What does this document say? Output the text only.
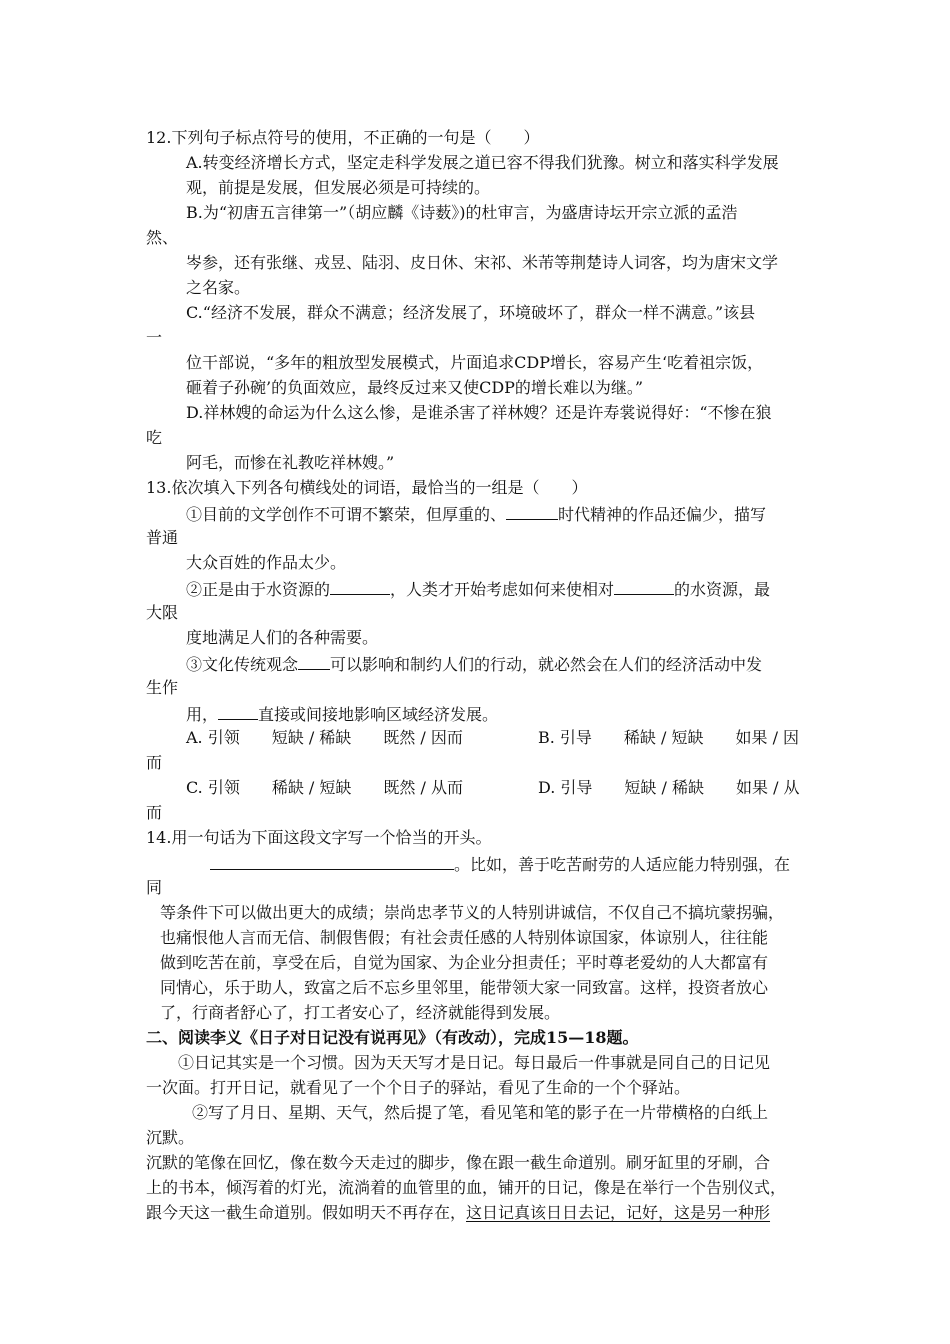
12.下列句子标点符号的使用，不正确的一句是（　　）
A.转变经济增长方式，坚定走科学发展之道已容不得我们犹豫。树立和落实科学发展
观，前提是发展，但发展必须是可持续的。
B.为“初唐五言律第一”（胡应麟《诗薮》)的杜审言，为盛唐诗坛开宗立派的孟浩
然、
岑参，还有张继、戎昱、陆羽、皮日休、宋祁、米芾等荆楚诗人词客，均为唐宋文学
之名家。
C.“经济不发展，群众不满意；经济发展了，环境破坏了，群众一样不满意。”该县
一
位干部说，“多年的粗放型发展模式，片面追求CDP增长，容易产生‘吃着祖宗饭，
砸着子孙碗’的负面效应，最终反过来又使CDP的增长难以为继。”
D.祥林嫂的命运为什么这么惨，是谁杀害了祥林嫂？还是许寿裳说得好：“不惨在狼
吃
阿毛，而惨在礼教吃祥林嫂。”
13.依次填入下列各句横线处的词语，最恰当的一组是（　　）
①目前的文学创作不可谓不繁荣，但厚重的、	时代精神的作品还偏少，描写
普通
大众百姓的作品太少。
②正是由于水资源的	，人类才开始考虑如何来使相对	的水资源，最
大限
度地满足人们的各种需要。
③文化传统观念 可以影响和制约人们的行动，就必然会在人们的经济活动中发
生作
用，	直接或间接地影响区域经济发展。
A. 引领　　短缺 / 稀缺　　既然 / 因而	B. 引导　　稀缺 / 短缺　　如果 / 因
而
C. 引领　　稀缺 / 短缺　　既然 / 从而	D. 引导　　短缺 / 稀缺　　如果 / 从
而
14.用一句话为下面这段文字写一个恰当的开头。
。比如，善于吃苦耐劳的人适应能力特别强，在
同
等条件下可以做出更大的成绩；崇尚忠孝节义的人特别讲诚信，不仅自己不搞坑蒙拐骗，
也痛恨他人言而无信、制假售假；有社会责任感的人特别体谅国家，体谅别人，往往能
做到吃苦在前，享受在后，自觉为国家、为企业分担责任；平时尊老爱幼的人大都富有
同情心，乐于助人，致富之后不忘乡里邻里，能带领大家一同致富。这样，投资者放心
了，行商者舒心了，打工者安心了，经济就能得到发展。
二、阅读李义《日子对日记没有说再见》（有改动），完成15—18题。
①日记其实是一个习惯。因为天天写才是日记。每日最后一件事就是同自己的日记见
一次面。打开日记，就看见了一个个日子的驿站，看见了生命的一个个驿站。
②写了月日、星期、天气，然后提了笔，看见笔和笔的影子在一片带横格的白纸上
沉默。
沉默的笔像在回忆，像在数今天走过的脚步，像在跟一截生命道别。刷牙缸里的牙刷，合
上的书本，倾泻着的灯光，流淌着的血管里的血，铺开的日记，像是在举行一个告别仪式，
跟今天这一截生命道别。假如明天不再存在，这日记真该日日去记，记好，这是另一种形
